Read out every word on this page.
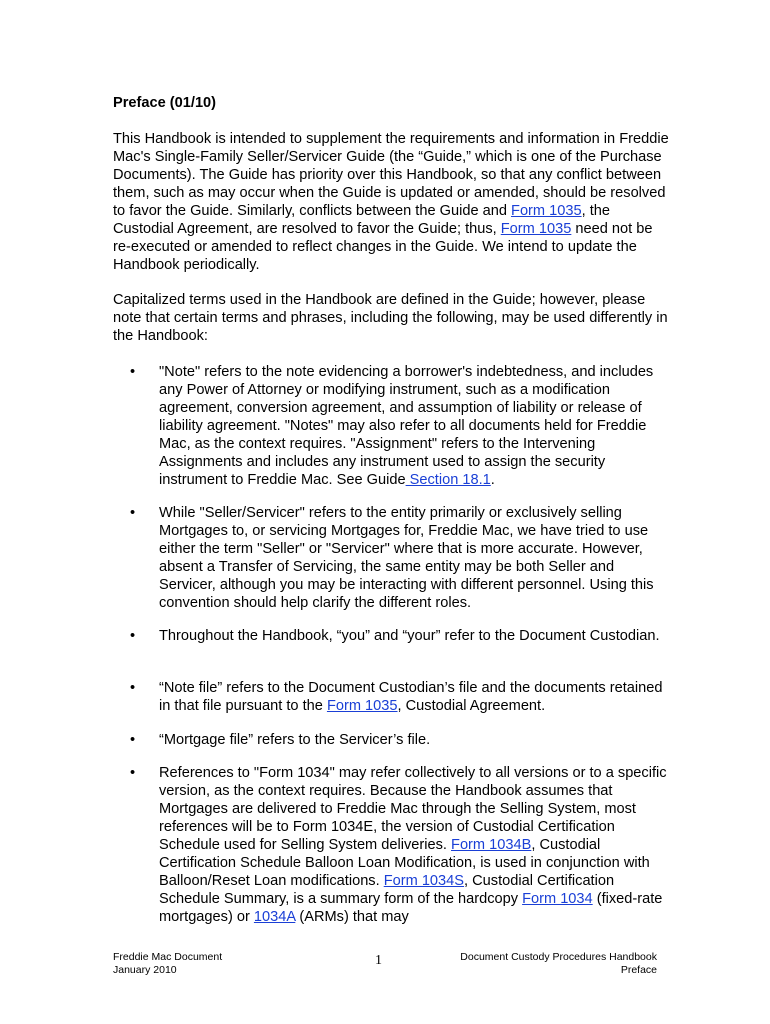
Preface (01/10)

This Handbook is intended to supplement the requirements and information in Freddie Mac's Single-Family Seller/Servicer Guide (the “Guide,” which is one of the Purchase Documents). The Guide has priority over this Handbook, so that any conflict between them, such as may occur when the Guide is updated or amended, should be resolved to favor the Guide. Similarly, conflicts between the Guide and Form 1035, the Custodial Agreement, are resolved to favor the Guide; thus, Form 1035 need not be re-executed or amended to reflect changes in the Guide. We intend to update the Handbook periodically.

Capitalized terms used in the Handbook are defined in the Guide; however, please note that certain terms and phrases, including the following, may be used differently in the Handbook:

• "Note" refers to the note evidencing a borrower's indebtedness, and includes any Power of Attorney or modifying instrument, such as a modification agreement, conversion agreement, and assumption of liability or release of liability agreement. "Notes" may also refer to all documents held for Freddie Mac, as the context requires. "Assignment" refers to the Intervening Assignments and includes any instrument used to assign the security instrument to Freddie Mac. See Guide Section 18.1.

• While "Seller/Servicer" refers to the entity primarily or exclusively selling Mortgages to, or servicing Mortgages for, Freddie Mac, we have tried to use either the term "Seller" or "Servicer" where that is more accurate. However, absent a Transfer of Servicing, the same entity may be both Seller and Servicer, although you may be interacting with different personnel. Using this convention should help clarify the different roles.

• Throughout the Handbook, “you” and “your” refer to the Document Custodian.

• “Note file” refers to the Document Custodian’s file and the documents retained in that file pursuant to the Form 1035, Custodial Agreement.

• “Mortgage file” refers to the Servicer’s file.

• References to "Form 1034" may refer collectively to all versions or to a specific version, as the context requires. Because the Handbook assumes that Mortgages are delivered to Freddie Mac through the Selling System, most references will be to Form 1034E, the version of Custodial Certification Schedule used for Selling System deliveries. Form 1034B, Custodial Certification Schedule Balloon Loan Modification, is used in conjunction with Balloon/Reset Loan modifications. Form 1034S, Custodial Certification Schedule Summary, is a summary form of the hardcopy Form 1034 (fixed-rate mortgages) or 1034A (ARMs) that may

Freddie Mac Document
January 2010
1	Document Custody Procedures Handbook
Preface
